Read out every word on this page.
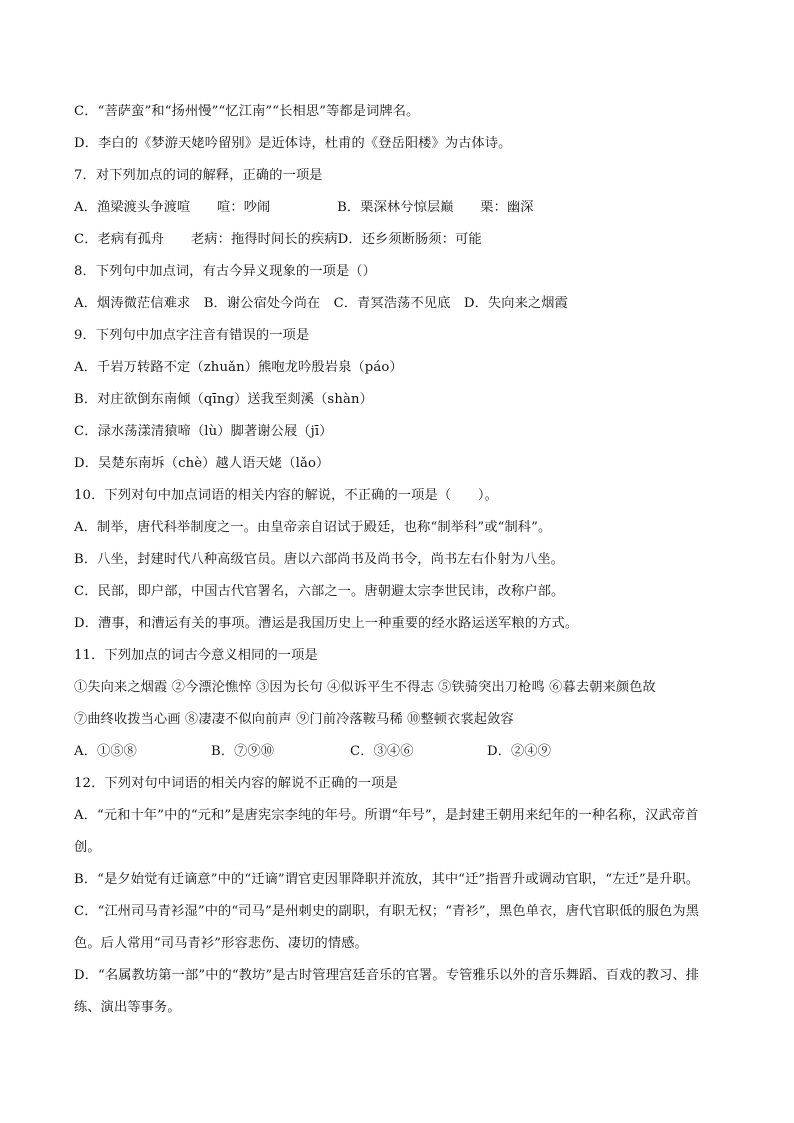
C．“菩萨蛮”和“扬州慢”“忆江南”“长相思”等都是词牌名。
D．李白的《梦游天姥吟留别》是近体诗，杜甫的《登岳阳楼》为古体诗。
7．对下列加点的词的解释，正确的一项是
A．渔梁渡头争渡喧　　喧：吵闹　　　　　B．栗深林兮惊层巅　　栗：幽深
C．老病有孤舟　　老病：拖得时间长的疾病D．还乡须断肠须：可能
8．下列句中加点词，有古今异义现象的一项是（）
A．烟涛微茫信难求　B．谢公宿处今尚在　C．青冥浩荡不见底　D．失向来之烟霞
9．下列句中加点字注音有错误的一项是
A．千岩万转路不定（zhuǎn）熊咆龙吟殷岩泉（páo）
B．对庄欲倒东南倾（qīng）送我至剡溪（shàn）
C．渌水荡漾清猿啼（lù）脚著谢公屐（jī）
D．吴楚东南坼（chè）越人语天姥（lǎo）
10．下列对句中加点词语的相关内容的解说，不正确的一项是（　　）。
A．制举，唐代科举制度之一。由皇帝亲自诏试于殿廷，也称“制举科”或“制科”。
B．八坐，封建时代八种高级官员。唐以六部尚书及尚书令，尚书左右仆射为八坐。
C．民部，即户部，中国古代官署名，六部之一。唐朝避太宗李世民讳，改称户部。
D．漕事，和漕运有关的事项。漕运是我国历史上一种重要的经水路运送军粮的方式。
11．下列加点的词古今意义相同的一项是
①失向来之烟霞 ②今漂沦憔悴 ③因为长句 ④似诉平生不得志 ⑤铁骑突出刀枪鸣 ⑥暮去朝来颜色故
⑦曲终收拨当心画 ⑧凄凄不似向前声 ⑨门前冷落鞍马稀 ⑩整顿衣裳起敛容
A．①⑤⑧	B．⑦⑨⑩	C．③④⑥	D．②④⑨
12．下列对句中词语的相关内容的解说不正确的一项是
A．“元和十年”中的“元和”是唐宪宗李纯的年号。所谓“年号”，是封建王朝用来纪年的一种名称，汉武帝首
创。
B．“是夕始觉有迁谪意”中的“迁谪”谓官吏因罪降职并流放，其中“迁”指晋升或调动官职，“左迁”是升职。
C．“江州司马青衫湿”中的“司马”是州刺史的副职，有职无权；“青衫”，黑色单衣，唐代官职低的服色为黑
色。后人常用“司马青衫”形容悲伤、凄切的情感。
D．“名属教坊第一部”中的“教坊”是古时管理宫廷音乐的官署。专管雅乐以外的音乐舞蹈、百戏的教习、排
练、演出等事务。
